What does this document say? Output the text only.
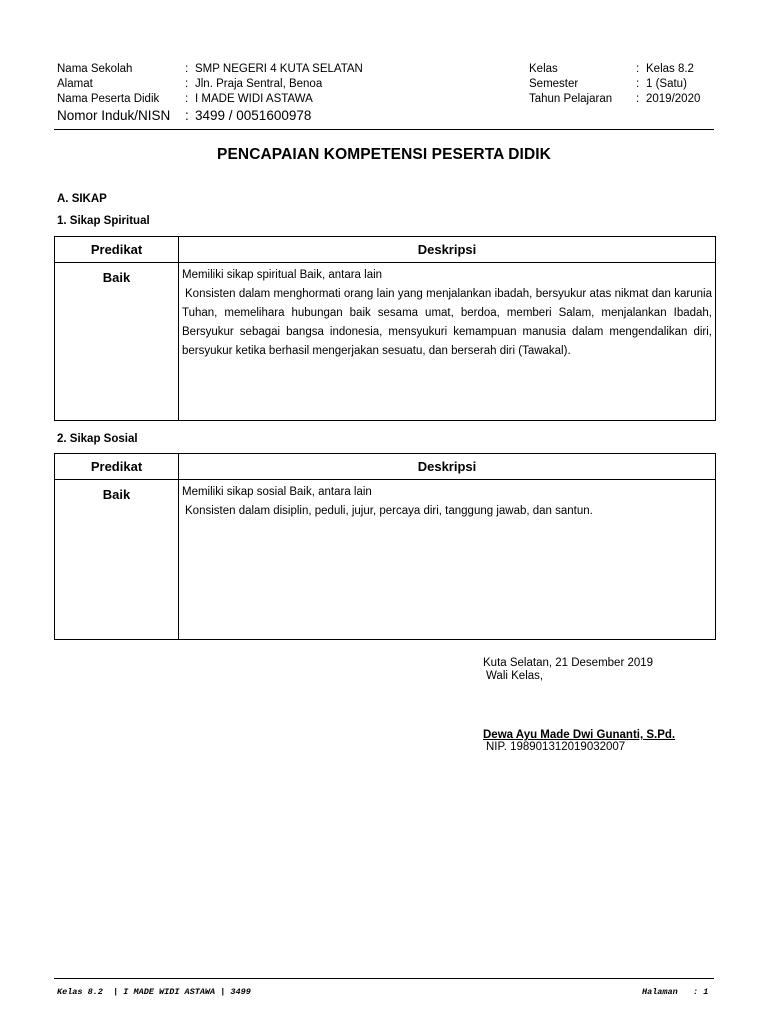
Nama Sekolah	: SMP NEGERI 4 KUTA SELATAN
Alamat	: Jln. Praja Sentral, Benoa
Nama Peserta Didik : I MADE WIDI ASTAWA
Nomor Induk/NISN : 3499 / 0051600978
Kelas	: Kelas 8.2
Semester	: 1 (Satu)
Tahun Pelajaran : 2019/2020
PENCAPAIAN KOMPETENSI PESERTA DIDIK
A. SIKAP
1. Sikap Spiritual
Predikat	Deskripsi
Baik	Memiliki sikap spiritual Baik, antara lain
Konsisten dalam menghormati orang lain yang menjalankan ibadah, bersyukur atas nikmat dan karunia Tuhan, memelihara hubungan baik sesama umat, berdoa, memberi Salam, menjalankan Ibadah, Bersyukur sebagai bangsa indonesia, mensyukuri kemampuan manusia dalam mengendalikan diri, bersyukur ketika berhasil mengerjakan sesuatu, dan berserah diri (Tawakal).
2. Sikap Sosial
Predikat	Deskripsi
Baik	Memiliki sikap sosial Baik, antara lain
Konsisten dalam disiplin, peduli, jujur, percaya diri, tanggung jawab, dan santun.
Kuta Selatan, 21 Desember 2019
Wali Kelas,
Dewa Ayu Made Dwi Gunanti, S.Pd.
NIP. 198901312019032007
Kelas 8.2  | I MADE WIDI ASTAWA | 3499	Halaman   : 1
